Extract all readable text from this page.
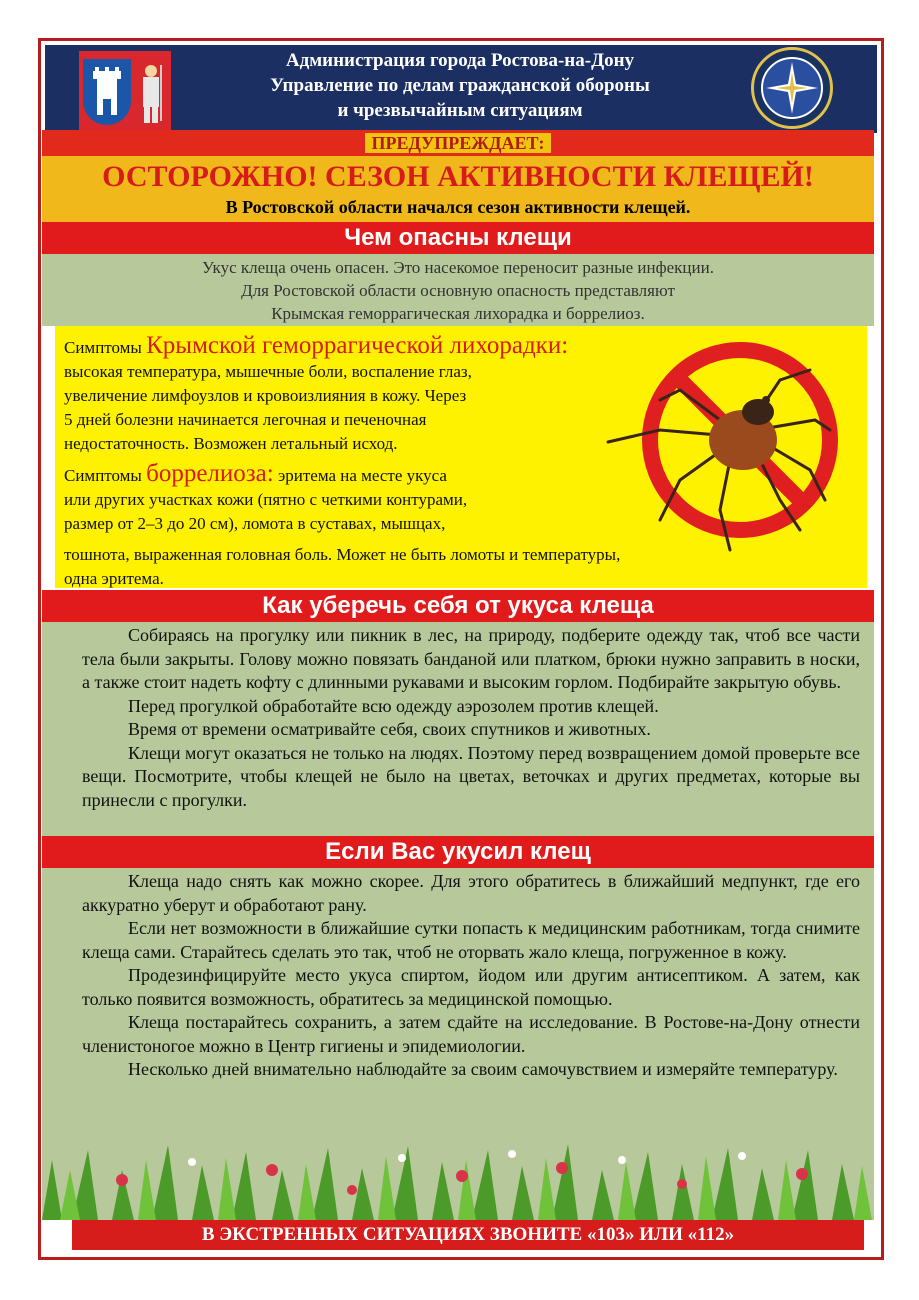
Администрация города Ростова-на-Дону
Управление по делам гражданской обороны
и чрезвычайным ситуациям
ПРЕДУПРЕЖДАЕТ:
ОСТОРОЖНО! СЕЗОН АКТИВНОСТИ КЛЕЩЕЙ!
В Ростовской области начался сезон активности клещей.
Чем опасны клещи
Укус клеща очень опасен. Это насекомое переносит разные инфекции.
Для Ростовской области основную опасность представляют
Крымская геморрагическая лихорадка и боррелиоз.
Симптомы Крымской геморрагической лихорадки:
высокая температура, мышечные боли, воспаление глаз,
увеличение лимфоузлов и кровоизлияния в кожу. Через
5 дней болезни начинается легочная и печеночная
недостаточность. Возможен летальный исход.
Симптомы боррелиоза: эритема на месте укуса
или других участках кожи (пятно с четкими контурами,
размер от 2–3 до 20 см), ломота в суставах, мышцах,
тошнота, выраженная головная боль. Может не быть ломоты и температуры,
одна эритема.
Как уберечь себя от укуса клеща

Собираясь на прогулку или пикник в лес, на природу, подберите одежду так, чтоб все части тела были закрыты. Голову можно повязать банданой или платком, брюки нужно заправить в носки, а также стоит надеть кофту с длинными рукавами и высоким горлом. Подбирайте закрытую обувь.

Перед прогулкой обработайте всю одежду аэрозолем против клещей.

Время от времени осматривайте себя, своих спутников и животных.

Клещи могут оказаться не только на людях. Поэтому перед возвращением домой проверьте все вещи. Посмотрите, чтобы клещей не было на цветах, веточках и других предметах, которые вы принесли с прогулки.

Если Вас укусил клещ

Клеща надо снять как можно скорее. Для этого обратитесь в ближайший медпункт, где его аккуратно уберут и обработают рану.

Если нет возможности в ближайшие сутки попасть к медицинским работникам, тогда снимите клеща сами. Старайтесь сделать это так, чтоб не оторвать жало клеща, погруженное в кожу.

Продезинфицируйте место укуса спиртом, йодом или другим антисептиком. А затем, как только появится возможность, обратитесь за медицинской помощью.

Клеща постарайтесь сохранить, а затем сдайте на исследование. В Ростове-на-Дону отнести членистоногое можно в Центр гигиены и эпидемиологии.

Несколько дней внимательно наблюдайте за своим самочувствием и измеряйте температуру.

В ЭКСТРЕННЫХ СИТУАЦИЯХ ЗВОНИТЕ «103» ИЛИ «112»
